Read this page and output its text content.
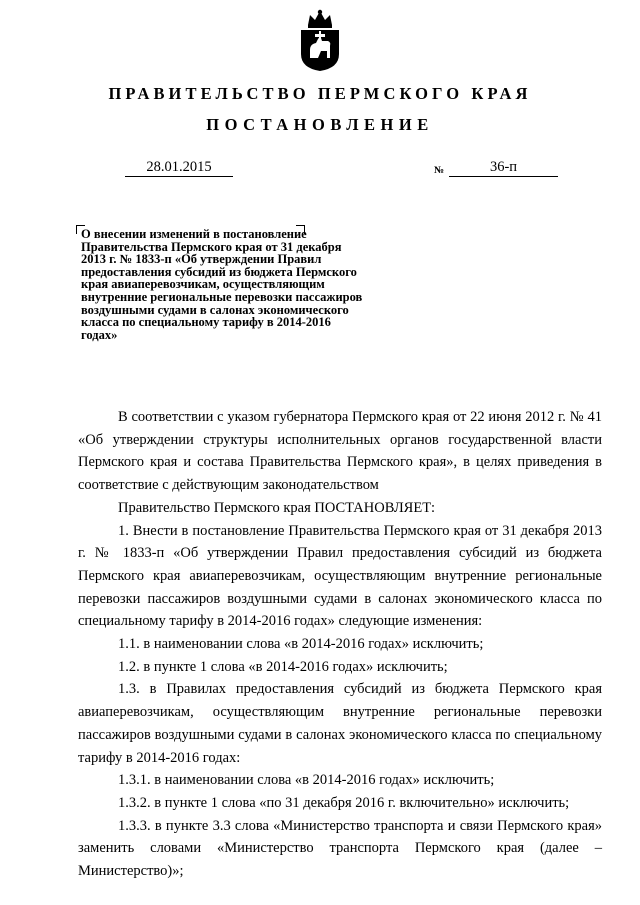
ПРАВИТЕЛЬСТВО ПЕРМСКОГО КРАЯ
ПОСТАНОВЛЕНИЕ
28.01.2015	№	36-п

О внесении изменений в постановление Правительства Пермского края от 31 декабря 2013 г. № 1833-п «Об утверждении Правил предоставления субсидий из бюджета Пермского края авиаперевозчикам, осуществляющим внутренние региональные перевозки пассажиров воздушными судами в салонах экономического класса по специальному тарифу в 2014-2016 годах»

В соответствии с указом губернатора Пермского края от 22 июня 2012 г. № 41 «Об утверждении структуры исполнительных органов государственной власти Пермского края и состава Правительства Пермского края», в целях приведения в соответствие с действующим законодательством

Правительство Пермского края ПОСТАНОВЛЯЕТ:

1. Внести в постановление Правительства Пермского края от 31 декабря 2013 г. № 1833-п «Об утверждении Правил предоставления субсидий из бюджета Пермского края авиаперевозчикам, осуществляющим внутренние региональные перевозки пассажиров воздушными судами в салонах экономического класса по специальному тарифу в 2014-2016 годах» следующие изменения:

1.1. в наименовании слова «в 2014-2016 годах» исключить;

1.2. в пункте 1 слова «в 2014-2016 годах» исключить;

1.3. в Правилах предоставления субсидий из бюджета Пермского края авиаперевозчикам, осуществляющим внутренние региональные перевозки пассажиров воздушными судами в салонах экономического класса по специальному тарифу в 2014-2016 годах:

1.3.1. в наименовании слова «в 2014-2016 годах» исключить;

1.3.2. в пункте 1 слова «по 31 декабря 2016 г. включительно» исключить;

1.3.3. в пункте 3.3 слова «Министерство транспорта и связи Пермского края» заменить словами «Министерство транспорта Пермского края (далее – Министерство)»;
